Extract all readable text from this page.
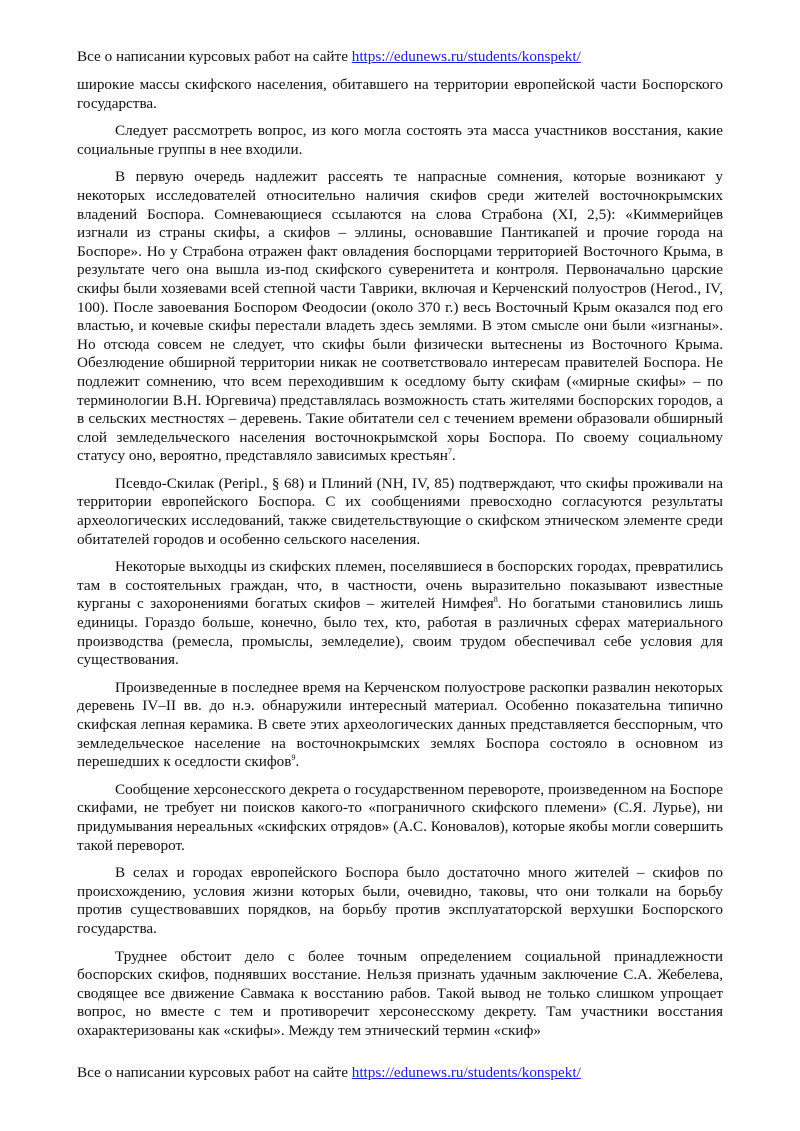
Все о написании курсовых работ на сайте https://edunews.ru/students/konspekt/

широкие массы скифского населения, обитавшего на территории европейской части Боспорского государства.

Следует рассмотреть вопрос, из кого могла состоять эта масса участников восстания, какие социальные группы в нее входили.

В первую очередь надлежит рассеять те напрасные сомнения, которые возникают у некоторых исследователей относительно наличия скифов среди жителей восточнокрымских владений Боспора. Сомневающиеся ссылаются на слова Страбона (XI, 2,5): «Киммерийцев изгнали из страны скифы, а скифов – эллины, основавшие Пантикапей и прочие города на Боспоре». Но у Страбона отражен факт овладения боспорцами территорией Восточного Крыма, в результате чего она вышла из-под скифского суверенитета и контроля. Первоначально царские скифы были хозяевами всей степной части Таврики, включая и Керченский полуостров (Herod., IV, 100). После завоевания Боспором Феодосии (около 370 г.) весь Восточный Крым оказался под его властью, и кочевые скифы перестали владеть здесь землями. В этом смысле они были «изгнаны». Но отсюда совсем не следует, что скифы были физически вытеснены из Восточного Крыма. Обезлюдение обширной территории никак не соответствовало интересам правителей Боспора. Не подлежит сомнению, что всем переходившим к оседлому быту скифам («мирные скифы» – по терминологии В.Н. Юргевича) представлялась возможность стать жителями боспорских городов, а в сельских местностях – деревень. Такие обитатели сел с течением времени образовали обширный слой земледельческого населения восточнокрымской хоры Боспора. По своему социальному статусу оно, вероятно, представляло зависимых крестьян$^7$.

Псевдо-Скилак (Peripl., § 68) и Плиний (NH, IV, 85) подтверждают, что скифы проживали на территории европейского Боспора. С их сообщениями превосходно согласуются результаты археологических исследований, также свидетельствующие о скифском этническом элементе среди обитателей городов и особенно сельского населения.

Некоторые выходцы из скифских племен, поселявшиеся в боспорских городах, превратились там в состоятельных граждан, что, в частности, очень выразительно показывают известные курганы с захоронениями богатых скифов – жителей Нимфея$^8$. Но богатыми становились лишь единицы. Гораздо больше, конечно, было тех, кто, работая в различных сферах материального производства (ремесла, промыслы, земледелие), своим трудом обеспечивал себе условия для существования.

Произведенные в последнее время на Керченском полуострове раскопки развалин некоторых деревень IV–II вв. до н.э. обнаружили интересный материал. Особенно показательна типично скифская лепная керамика. В свете этих археологических данных представляется бесспорным, что земледельческое население на восточнокрымских землях Боспора состояло в основном из перешедших к оседлости скифов$^9$.

Сообщение херсонесского декрета о государственном перевороте, произведенном на Боспоре скифами, не требует ни поисков какого-то «пограничного скифского племени» (С.Я. Лурье), ни придумывания нереальных «скифских отрядов» (А.С. Коновалов), которые якобы могли совершить такой переворот.

В селах и городах европейского Боспора было достаточно много жителей – скифов по происхождению, условия жизни которых были, очевидно, таковы, что они толкали на борьбу против существовавших порядков, на борьбу против эксплуататорской верхушки Боспорского государства.

Труднее обстоит дело с более точным определением социальной принадлежности боспорских скифов, поднявших восстание. Нельзя признать удачным заключение С.А. Жебелева, сводящее все движение Савмака к восстанию рабов. Такой вывод не только слишком упрощает вопрос, но вместе с тем и противоречит херсонесскому декрету. Там участники восстания охарактеризованы как «скифы». Между тем этнический термин «скиф»

Все о написании курсовых работ на сайте https://edunews.ru/students/konspekt/
